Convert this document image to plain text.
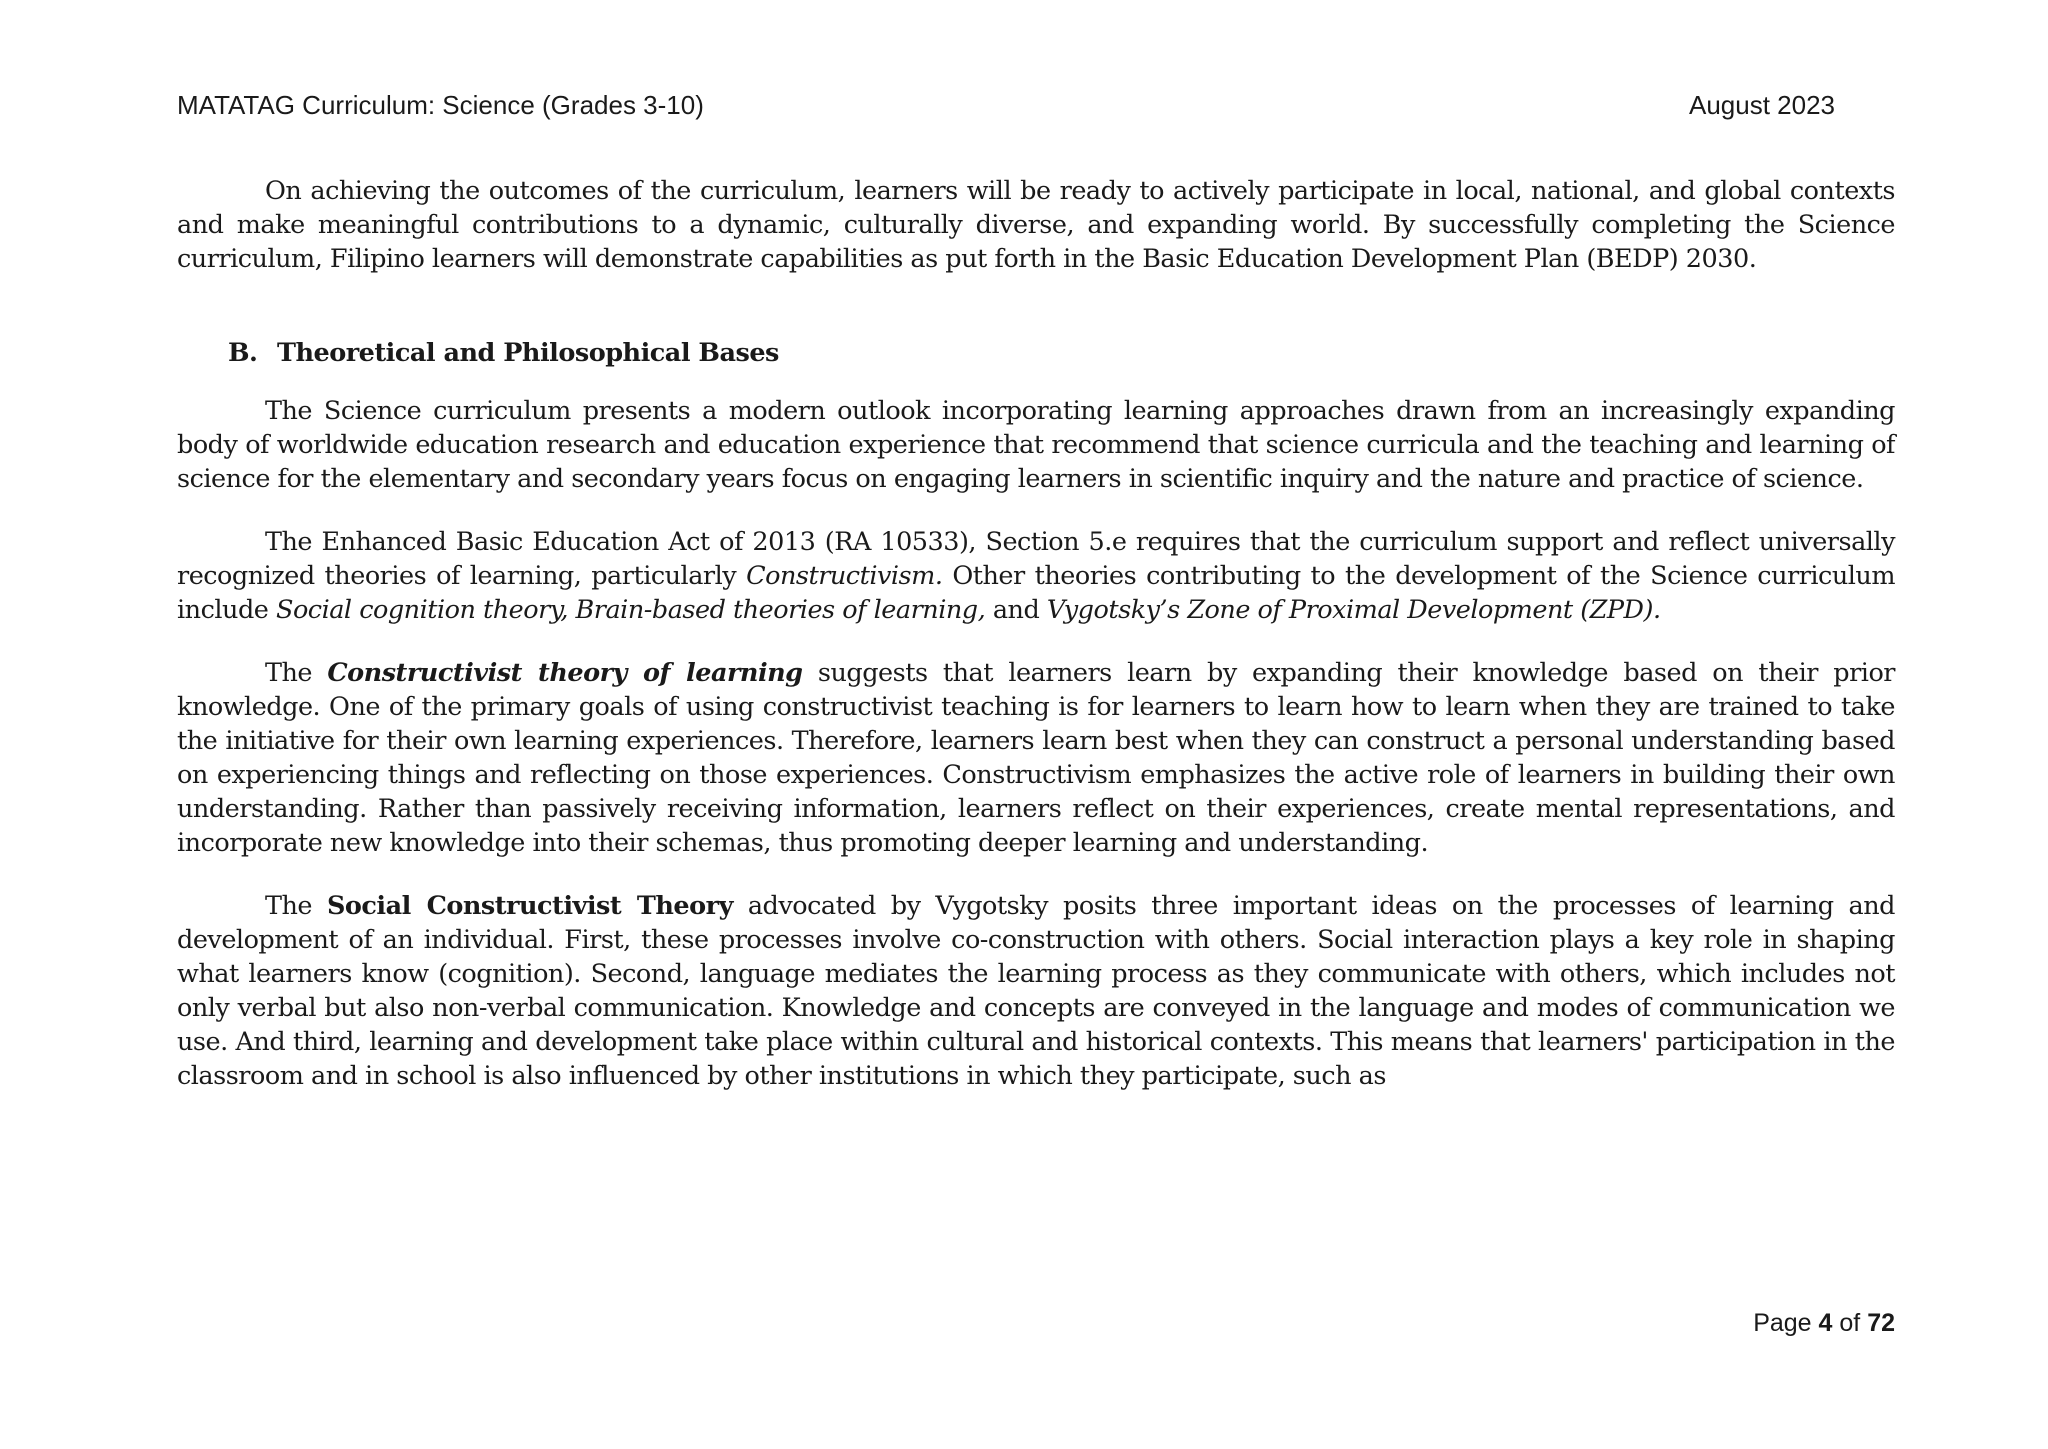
MATATAG Curriculum: Science (Grades 3-10)	August 2023

On achieving the outcomes of the curriculum, learners will be ready to actively participate in local, national, and global contexts and make meaningful contributions to a dynamic, culturally diverse, and expanding world. By successfully completing the Science curriculum, Filipino learners will demonstrate capabilities as put forth in the Basic Education Development Plan (BEDP) 2030.

B. Theoretical and Philosophical Bases

The Science curriculum presents a modern outlook incorporating learning approaches drawn from an increasingly expanding body of worldwide education research and education experience that recommend that science curricula and the teaching and learning of science for the elementary and secondary years focus on engaging learners in scientific inquiry and the nature and practice of science.

The Enhanced Basic Education Act of 2013 (RA 10533), Section 5.e requires that the curriculum support and reflect universally recognized theories of learning, particularly Constructivism. Other theories contributing to the development of the Science curriculum include Social cognition theory, Brain-based theories of learning, and Vygotsky’s Zone of Proximal Development (ZPD).

The Constructivist theory of learning suggests that learners learn by expanding their knowledge based on their prior knowledge. One of the primary goals of using constructivist teaching is for learners to learn how to learn when they are trained to take the initiative for their own learning experiences. Therefore, learners learn best when they can construct a personal understanding based on experiencing things and reflecting on those experiences. Constructivism emphasizes the active role of learners in building their own understanding. Rather than passively receiving information, learners reflect on their experiences, create mental representations, and incorporate new knowledge into their schemas, thus promoting deeper learning and understanding.

The Social Constructivist Theory advocated by Vygotsky posits three important ideas on the processes of learning and development of an individual. First, these processes involve co-construction with others. Social interaction plays a key role in shaping what learners know (cognition). Second, language mediates the learning process as they communicate with others, which includes not only verbal but also non-verbal communication. Knowledge and concepts are conveyed in the language and modes of communication we use. And third, learning and development take place within cultural and historical contexts. This means that learners' participation in the classroom and in school is also influenced by other institutions in which they participate, such as

Page 4 of 72
